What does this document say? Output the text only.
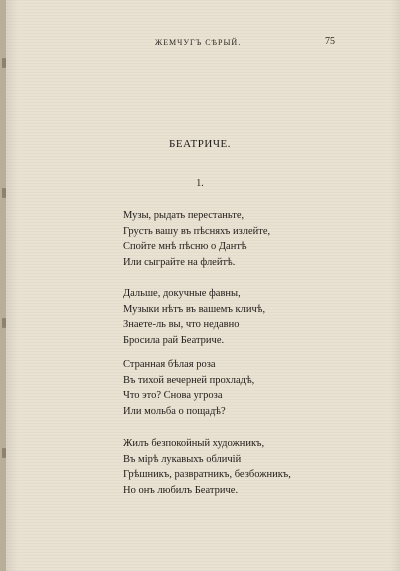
ЖЕМЧУГЪ СѢРЫЙ.	75
БЕАТРИЧЕ.
1.
Музы, рыдать перестаньте,
Грусть вашу въ пѣсняхъ излейте,
Спойте мнѣ пѣсню о Дантѣ
Или сыграйте на флейтѣ.
Дальше, докучные фавны,
Музыки нѣтъ въ вашемъ кличѣ,
Знаете-ль вы, что недавно
Бросила рай Беатриче.
Странная бѣлая роза
Въ тихой вечерней прохладѣ,
Что это? Снова угроза
Или мольба о пощадѣ?
Жилъ безпокойный художникъ,
Въ мірѣ лукавыхъ обличій
Грѣшникъ, развратникъ, безбожникъ,
Но онъ любилъ Беатриче.
